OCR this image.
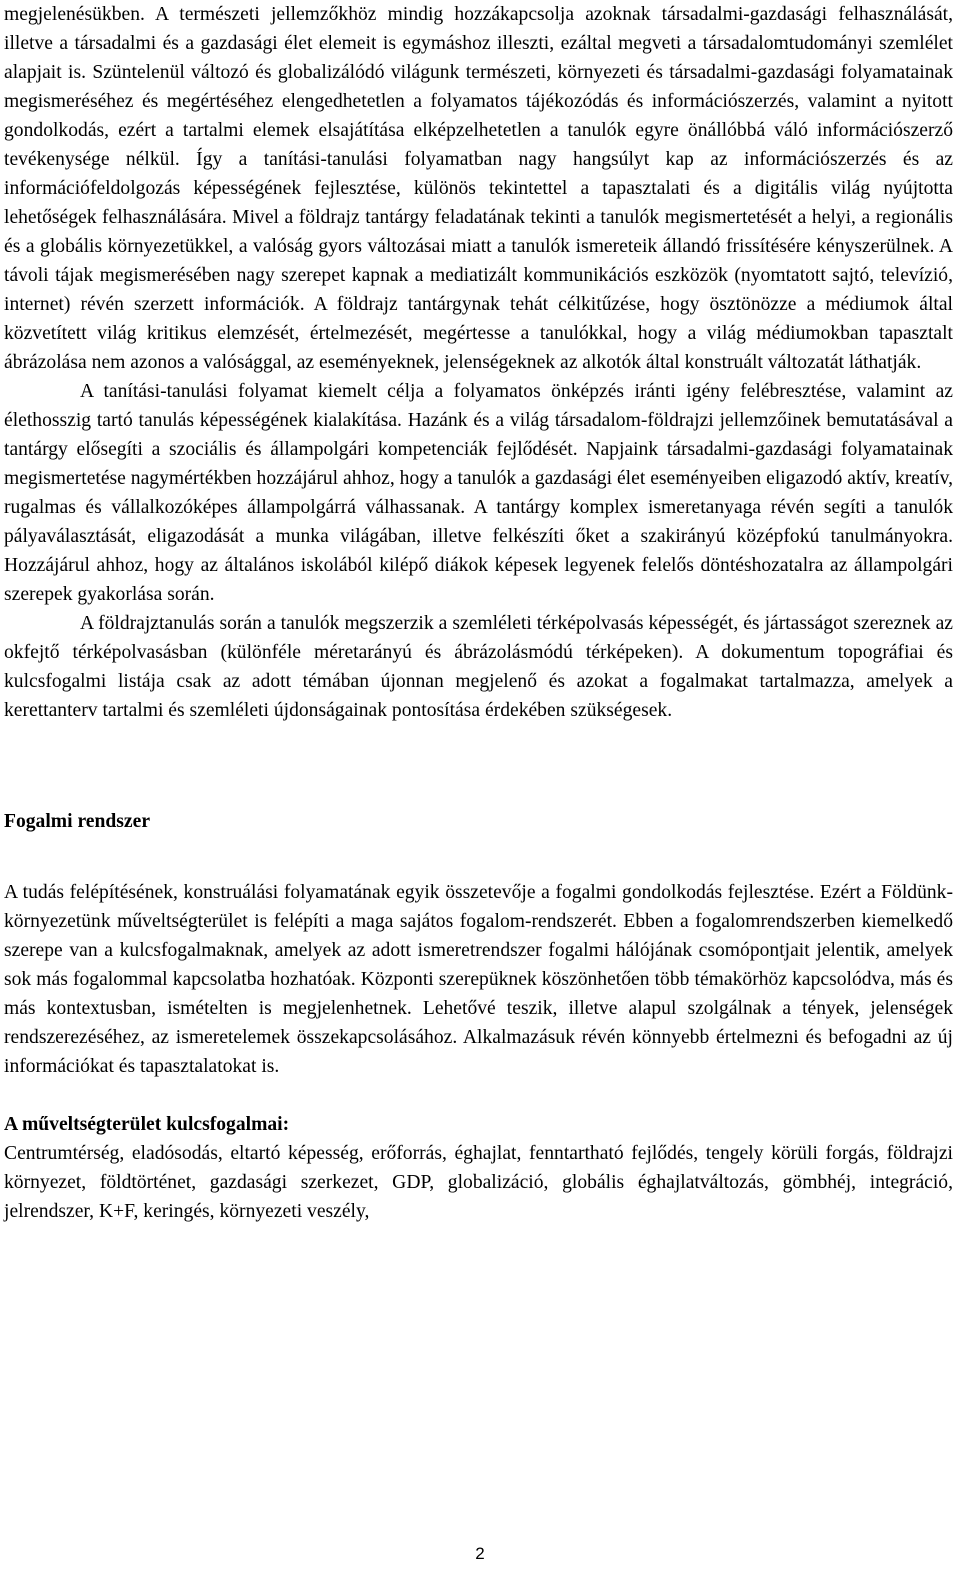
megjelenésükben. A természeti jellemzőkhöz mindig hozzákapcsolja azoknak társadalmi-gazdasági felhasználását, illetve a társadalmi és a gazdasági élet elemeit is egymáshoz illeszti, ezáltal megveti a társadalomtudományi szemlélet alapjait is. Szüntelenül változó és globalizálódó világunk természeti, környezeti és társadalmi-gazdasági folyamatainak megismeréséhez és megértéséhez elengedhetetlen a folyamatos tájékozódás és információszerzés, valamint a nyitott gondolkodás, ezért a tartalmi elemek elsajátítása elképzelhetetlen a tanulók egyre önállóbbá váló információszerző tevékenysége nélkül. Így a tanítási-tanulási folyamatban nagy hangsúlyt kap az információszerzés és az információfeldolgozás képességének fejlesztése, különös tekintettel a tapasztalati és a digitális világ nyújtotta lehetőségek felhasználására. Mivel a földrajz tantárgy feladatának tekinti a tanulók megismertetését a helyi, a regionális és a globális környezetükkel, a valóság gyors változásai miatt a tanulók ismereteik állandó frissítésére kényszerülnek. A távoli tájak megismerésében nagy szerepet kapnak a mediatizált kommunikációs eszközök (nyomtatott sajtó, televízió, internet) révén szerzett információk. A földrajz tantárgynak tehát célkitűzése, hogy ösztönözze a médiumok által közvetített világ kritikus elemzését, értelmezését, megértesse a tanulókkal, hogy a világ médiumokban tapasztalt ábrázolása nem azonos a valósággal, az eseményeknek, jelenségeknek az alkotók által konstruált változatát láthatják.

A tanítási-tanulási folyamat kiemelt célja a folyamatos önképzés iránti igény felébresztése, valamint az élethosszig tartó tanulás képességének kialakítása. Hazánk és a világ társadalom-földrajzi jellemzőinek bemutatásával a tantárgy elősegíti a szociális és állampolgári kompetenciák fejlődését. Napjaink társadalmi-gazdasági folyamatainak megismertetése nagymértékben hozzájárul ahhoz, hogy a tanulók a gazdasági élet eseményeiben eligazodó aktív, kreatív, rugalmas és vállalkozóképes állampolgárrá válhassanak. A tantárgy komplex ismeretanyaga révén segíti a tanulók pályaválasztását, eligazodását a munka világában, illetve felkészíti őket a szakirányú középfokú tanulmányokra. Hozzájárul ahhoz, hogy az általános iskolából kilépő diákok képesek legyenek felelős döntéshozatalra az állampolgári szerepek gyakorlása során.

A földrajztanulás során a tanulók megszerzik a szemléleti térképolvasás képességét, és jártasságot szereznek az okfejtő térképolvasásban (különféle méretarányú és ábrázolásmódú térképeken). A dokumentum topográfiai és kulcsfogalmi listája csak az adott témában újonnan megjelenő és azokat a fogalmakat tartalmazza, amelyek a kerettanterv tartalmi és szemléleti újdonságainak pontosítása érdekében szükségesek.

Fogalmi rendszer

A tudás felépítésének, konstruálási folyamatának egyik összetevője a fogalmi gondolkodás fejlesztése. Ezért a Földünk-környezetünk műveltségterület is felépíti a maga sajátos fogalom-rendszerét. Ebben a fogalomrendszerben kiemelkedő szerepe van a kulcsfogalmaknak, amelyek az adott ismeretrendszer fogalmi hálójának csomópontjait jelentik, amelyek sok más fogalommal kapcsolatba hozhatóak. Központi szerepüknek köszönhetően több témakörhöz kapcsolódva, más és más kontextusban, ismételten is megjelenhetnek. Lehetővé teszik, illetve alapul szolgálnak a tények, jelenségek rendszerezéséhez, az ismeretelemek összekapcsolásához. Alkalmazásuk révén könnyebb értelmezni és befogadni az új információkat és tapasztalatokat is.

A műveltségterület kulcsfogalmai:

Centrumtérség, eladósodás, eltartó képesség, erőforrás, éghajlat, fenntartható fejlődés, tengely körüli forgás, földrajzi környezet, földtörténet, gazdasági szerkezet, GDP, globalizáció, globális éghajlatváltozás, gömbhéj, integráció, jelrendszer, K+F, keringés, környezeti veszély,

2
